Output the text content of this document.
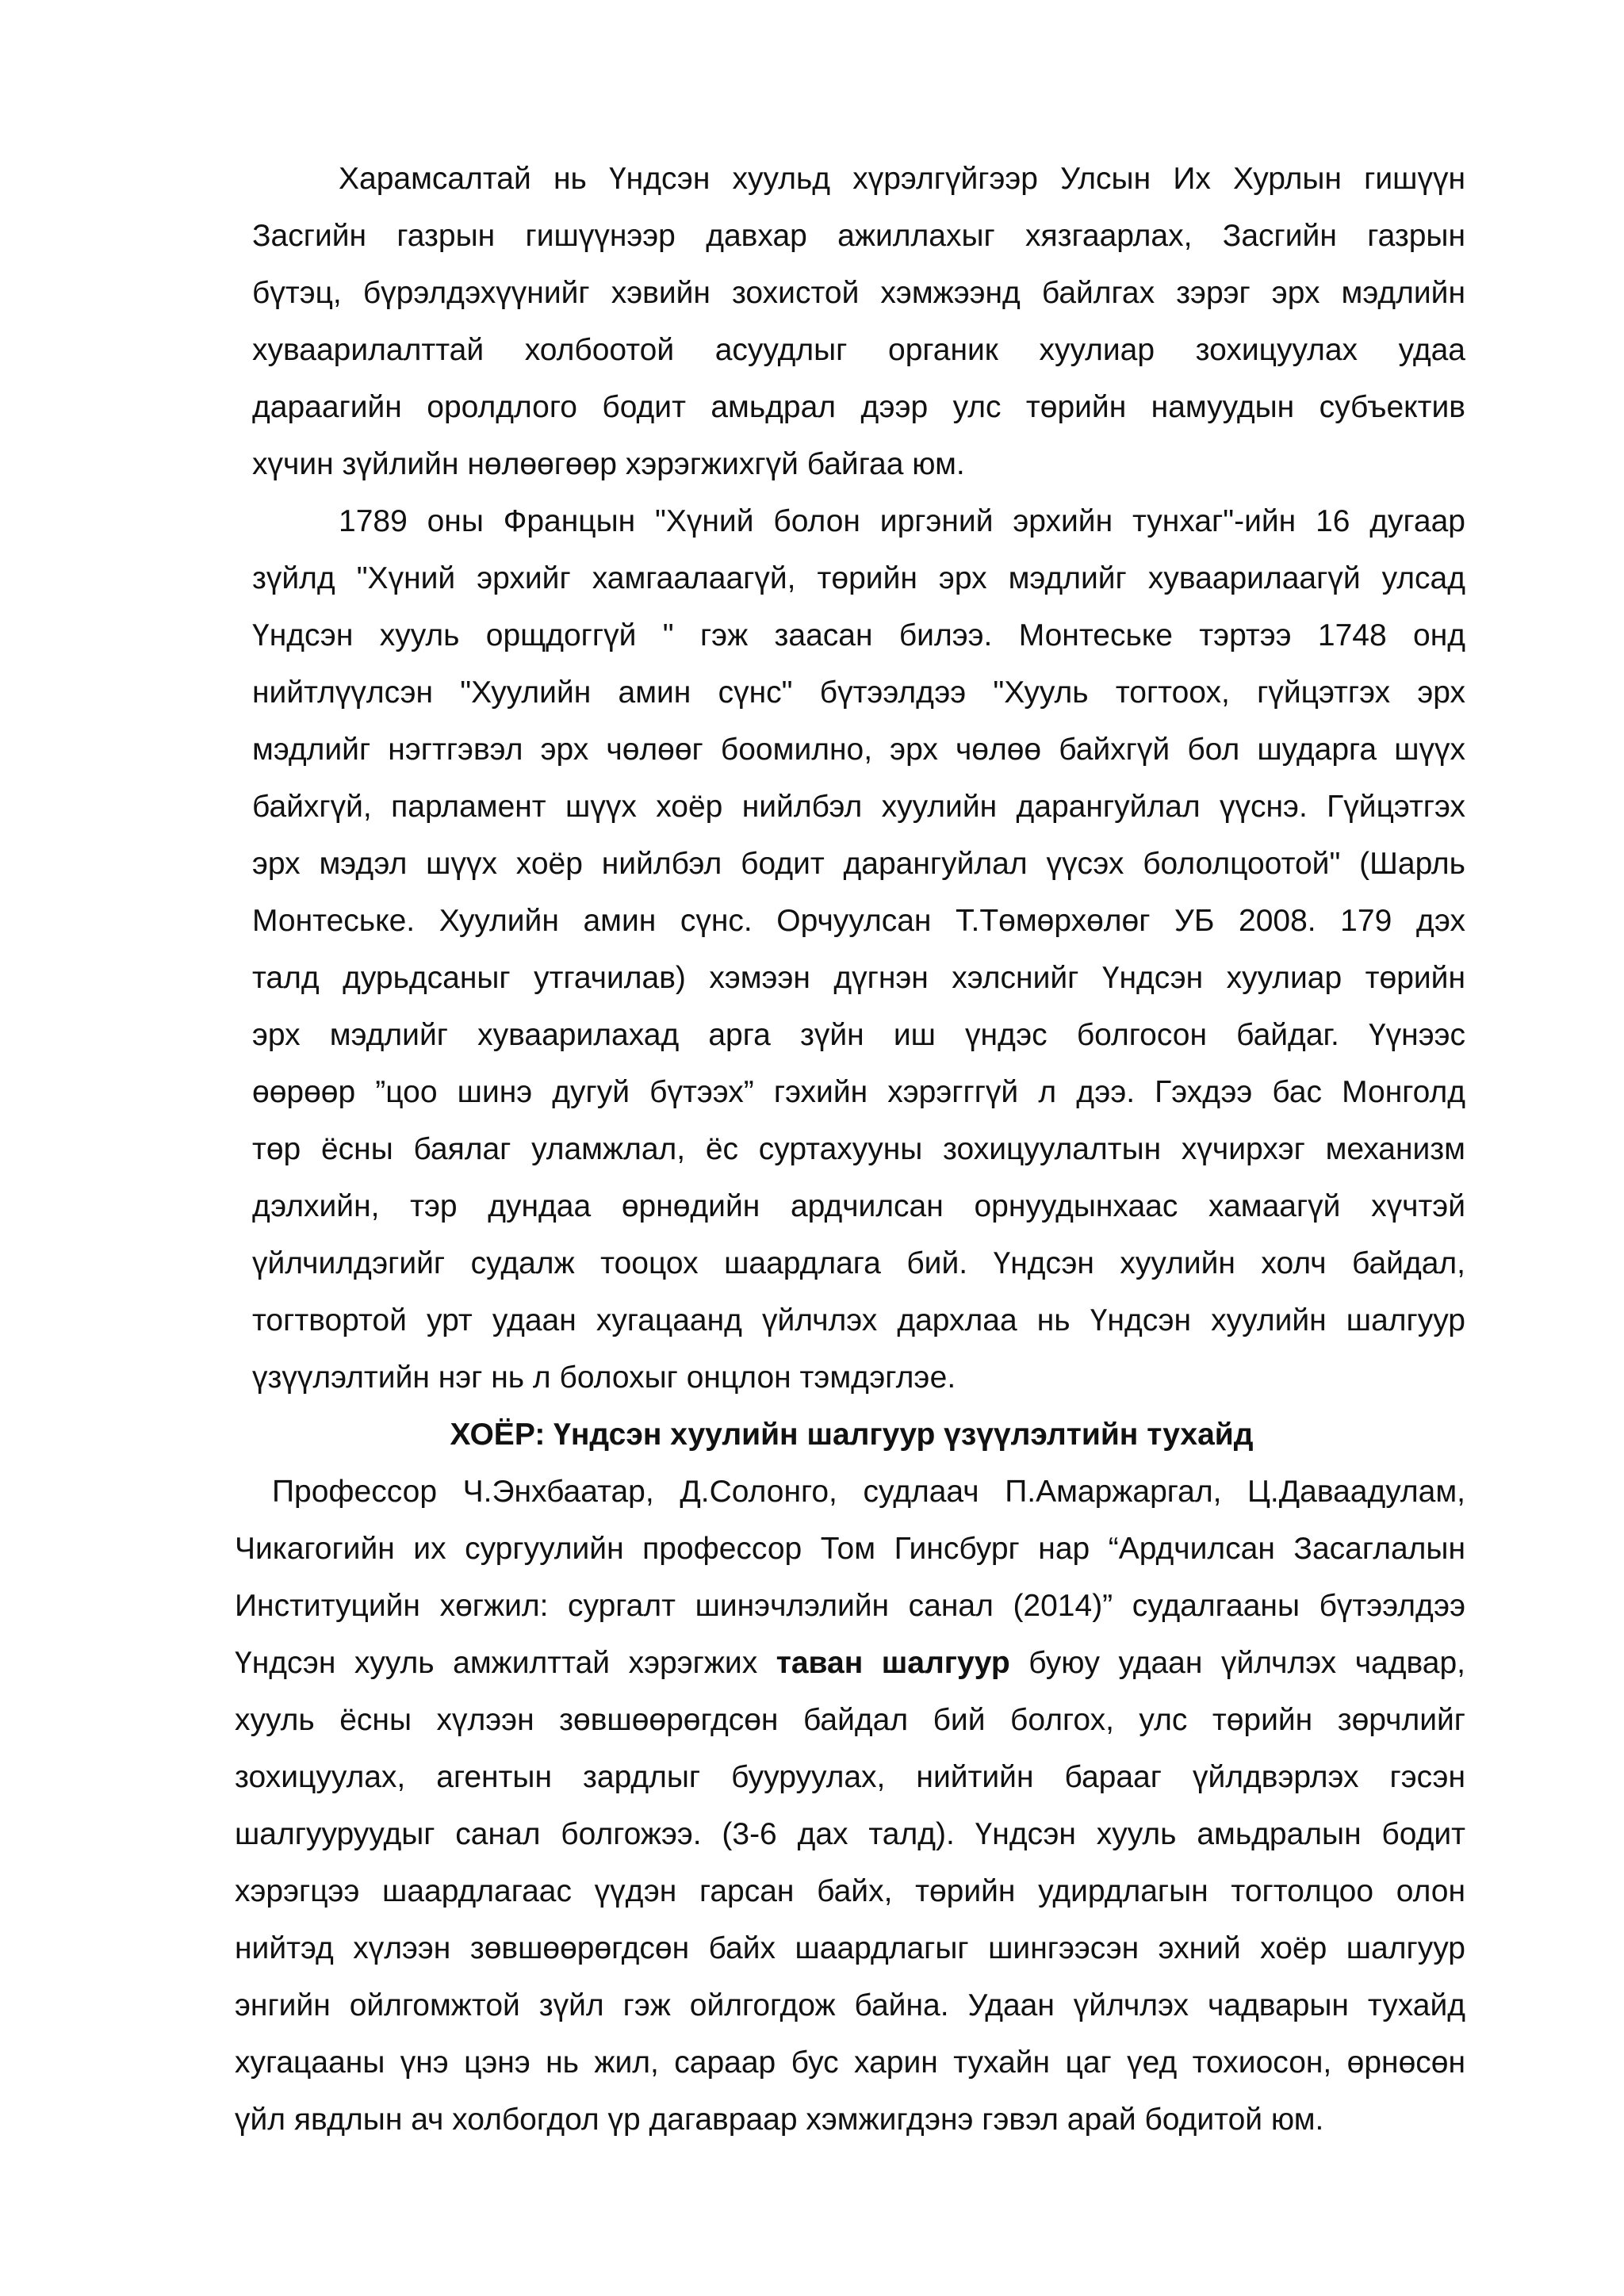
Харамсалтай нь Үндсэн хуульд хүрэлгүйгээр Улсын Их Хурлын гишүүн
Засгийн газрын гишүүнээр давхар ажиллахыг хязгаарлах, Засгийн газрын
бүтэц, бүрэлдэхүүнийг хэвийн зохистой хэмжээнд байлгах зэрэг эрх мэдлийн
хуваарилалттай холбоотой асуудлыг органик хуулиар зохицуулах удаа
дараагийн оролдлого бодит амьдрал дээр улс төрийн намуудын субъектив
хүчин зүйлийн нөлөөгөөр хэрэгжихгүй байгаа юм.
1789 оны Францын "Хүний болон иргэний эрхийн тунхаг"-ийн 16 дугаар
зүйлд "Хүний эрхийг хамгаалаагүй, төрийн эрх мэдлийг хуваарилаагүй улсад
Үндсэн хууль орщдоггүй " гэж заасан билээ. Монтеське тэртээ 1748 онд
нийтлүүлсэн "Хуулийн амин сүнс" бүтээлдээ "Хууль тогтоох, гүйцэтгэх эрх
мэдлийг нэгтгэвэл эрх чөлөөг боомилно, эрх чөлөө байхгүй бол шударга шүүх
байхгүй, парламент шүүх хоёр нийлбэл хуулийн дарангуйлал үүснэ. Гүйцэтгэх
эрх мэдэл шүүх хоёр нийлбэл бодит дарангуйлал үүсэх бололцоотой" (Шарль
Монтеське. Хуулийн амин сүнс. Орчуулсан Т.Төмөрхөлөг УБ 2008. 179 дэх
талд дурьдсаныг утгачилав) хэмээн дүгнэн хэлснийг Үндсэн хуулиар төрийн
эрх мэдлийг хуваарилахад арга зүйн иш үндэс болгосон байдаг. Үүнээс
өөрөөр ”цоо шинэ дугуй бүтээх” гэхийн хэрэгггүй л дээ. Гэхдээ бас Монголд
төр ёсны баялаг уламжлал, ёс суртахууны зохицуулалтын хүчирхэг механизм
дэлхийн, тэр дундаа өрнөдийн ардчилсан орнуудынхаас хамаагүй хүчтэй
үйлчилдэгийг судалж тооцох шаардлага бий. Үндсэн хуулийн холч байдал,
тогтвортой урт удаан хугацаанд үйлчлэх дархлаа нь Үндсэн хуулийн шалгуур
үзүүлэлтийн нэг нь л болохыг онцлон тэмдэглэе.
ХОЁР: Үндсэн хуулийн шалгуур үзүүлэлтийн тухайд
Профессор Ч.Энхбаатар, Д.Солонго, судлаач П.Амаржаргал, Ц.Даваадулам,
Чикагогийн их сургуулийн профессор Том Гинсбург нар “Ардчилсан Засаглалын
Институцийн хөгжил: сургалт шинэчлэлийн санал (2014)” судалгааны бүтээлдээ
Үндсэн хууль амжилттай хэрэгжих таван шалгуур буюу удаан үйлчлэх чадвар,
хууль ёсны хүлээн зөвшөөрөгдсөн байдал бий болгох, улс төрийн зөрчлийг
зохицуулах, агентын зардлыг бууруулах, нийтийн барааг үйлдвэрлэх гэсэн
шалгууруудыг санал болгожээ. (3-6 дах талд). Үндсэн хууль амьдралын бодит
хэрэгцээ шаардлагаас үүдэн гарсан байх, төрийн удирдлагын тогтолцоо олон
нийтэд хүлээн зөвшөөрөгдсөн байх шаардлагыг шингээсэн эхний хоёр шалгуур
энгийн ойлгомжтой зүйл гэж ойлгогдож байна. Удаан үйлчлэх чадварын тухайд
хугацааны үнэ цэнэ нь жил, сараар бус харин тухайн цаг үед тохиосон, өрнөсөн
үйл явдлын ач холбогдол үр дагавраар хэмжигдэнэ гэвэл арай бодитой юм.
